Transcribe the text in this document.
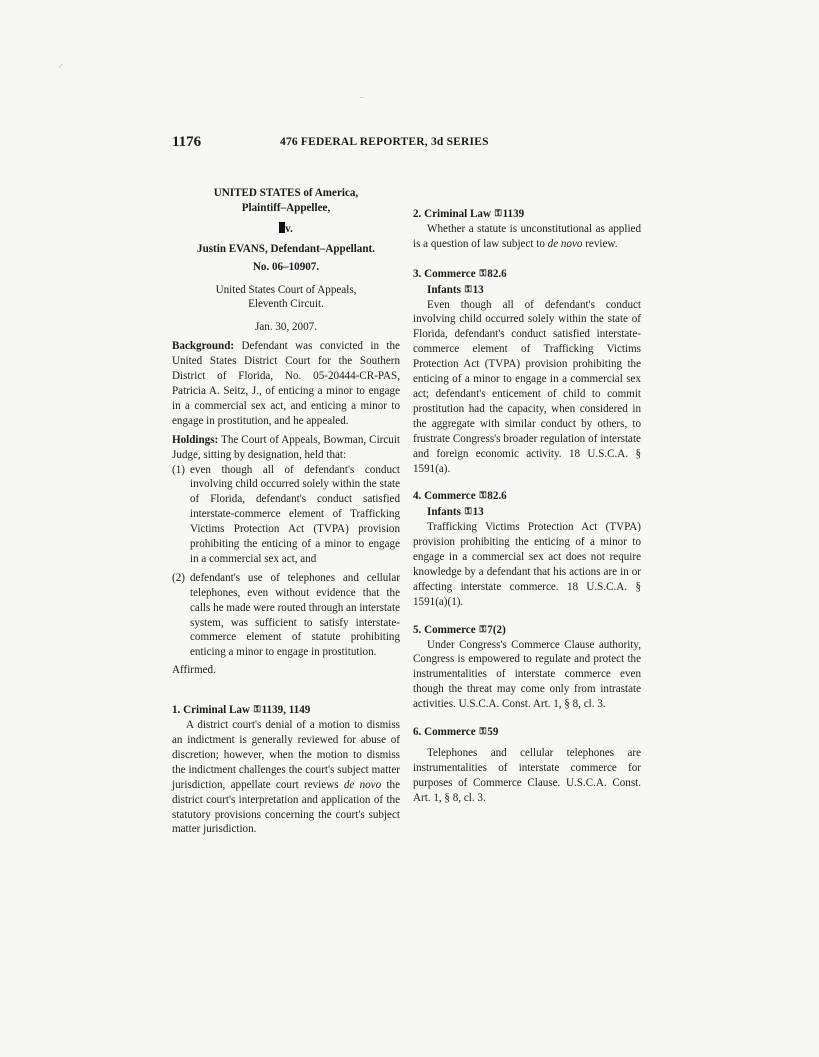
⸝
‾
1176	476 FEDERAL REPORTER, 3d SERIES
UNITED STATES of America,
Plaintiff–Appellee,
v.
Justin EVANS, Defendant–Appellant.
No. 06–10907.
United States Court of Appeals,
Eleventh Circuit.
Jan. 30, 2007.

Background: Defendant was convicted in the United States District Court for the Southern District of Florida, No. 05-20444-CR-PAS, Patricia A. Seitz, J., of enticing a minor to engage in a commercial sex act, and enticing a minor to engage in prostitution, and he appealed.

Holdings: The Court of Appeals, Bowman, Circuit Judge, sitting by designation, held that:

(1) even though all of defendant's conduct involving child occurred solely within the state of Florida, defendant's conduct satisfied interstate-commerce element of Trafficking Victims Protection Act (TVPA) provision prohibiting the enticing of a minor to engage in a commercial sex act, and
(2) defendant's use of telephones and cellular telephones, even without evidence that the calls he made were routed through an interstate system, was sufficient to satisfy interstate-commerce element of statute prohibiting enticing a minor to engage in prostitution.
Affirmed.
1. Criminal Law ⚿1139, 1149

A district court's denial of a motion to dismiss an indictment is generally reviewed for abuse of discretion; however, when the motion to dismiss the indictment challenges the court's subject matter jurisdiction, appellate court reviews de novo the district court's interpretation and application of the statutory provisions concerning the court's subject matter jurisdiction.

2. Criminal Law ⚿1139

Whether a statute is unconstitutional as applied is a question of law subject to de novo review.

3. Commerce ⚿82.6
Infants ⚿13

Even though all of defendant's conduct involving child occurred solely within the state of Florida, defendant's conduct satisfied interstate-commerce element of Trafficking Victims Protection Act (TVPA) provision prohibiting the enticing of a minor to engage in a commercial sex act; defendant's enticement of child to commit prostitution had the capacity, when considered in the aggregate with similar conduct by others, to frustrate Congress's broader regulation of interstate and foreign economic activity. 18 U.S.C.A. § 1591(a).

4. Commerce ⚿82.6
Infants ⚿13

Trafficking Victims Protection Act (TVPA) provision prohibiting the enticing of a minor to engage in a commercial sex act does not require knowledge by a defendant that his actions are in or affecting interstate commerce. 18 U.S.C.A. § 1591(a)(1).

5. Commerce ⚿7(2)

Under Congress's Commerce Clause authority, Congress is empowered to regulate and protect the instrumentalities of interstate commerce even though the threat may come only from intrastate activities. U.S.C.A. Const. Art. 1, § 8, cl. 3.

6. Commerce ⚿59

Telephones and cellular telephones are instrumentalities of interstate commerce for purposes of Commerce Clause. U.S.C.A. Const. Art. 1, § 8, cl. 3.
